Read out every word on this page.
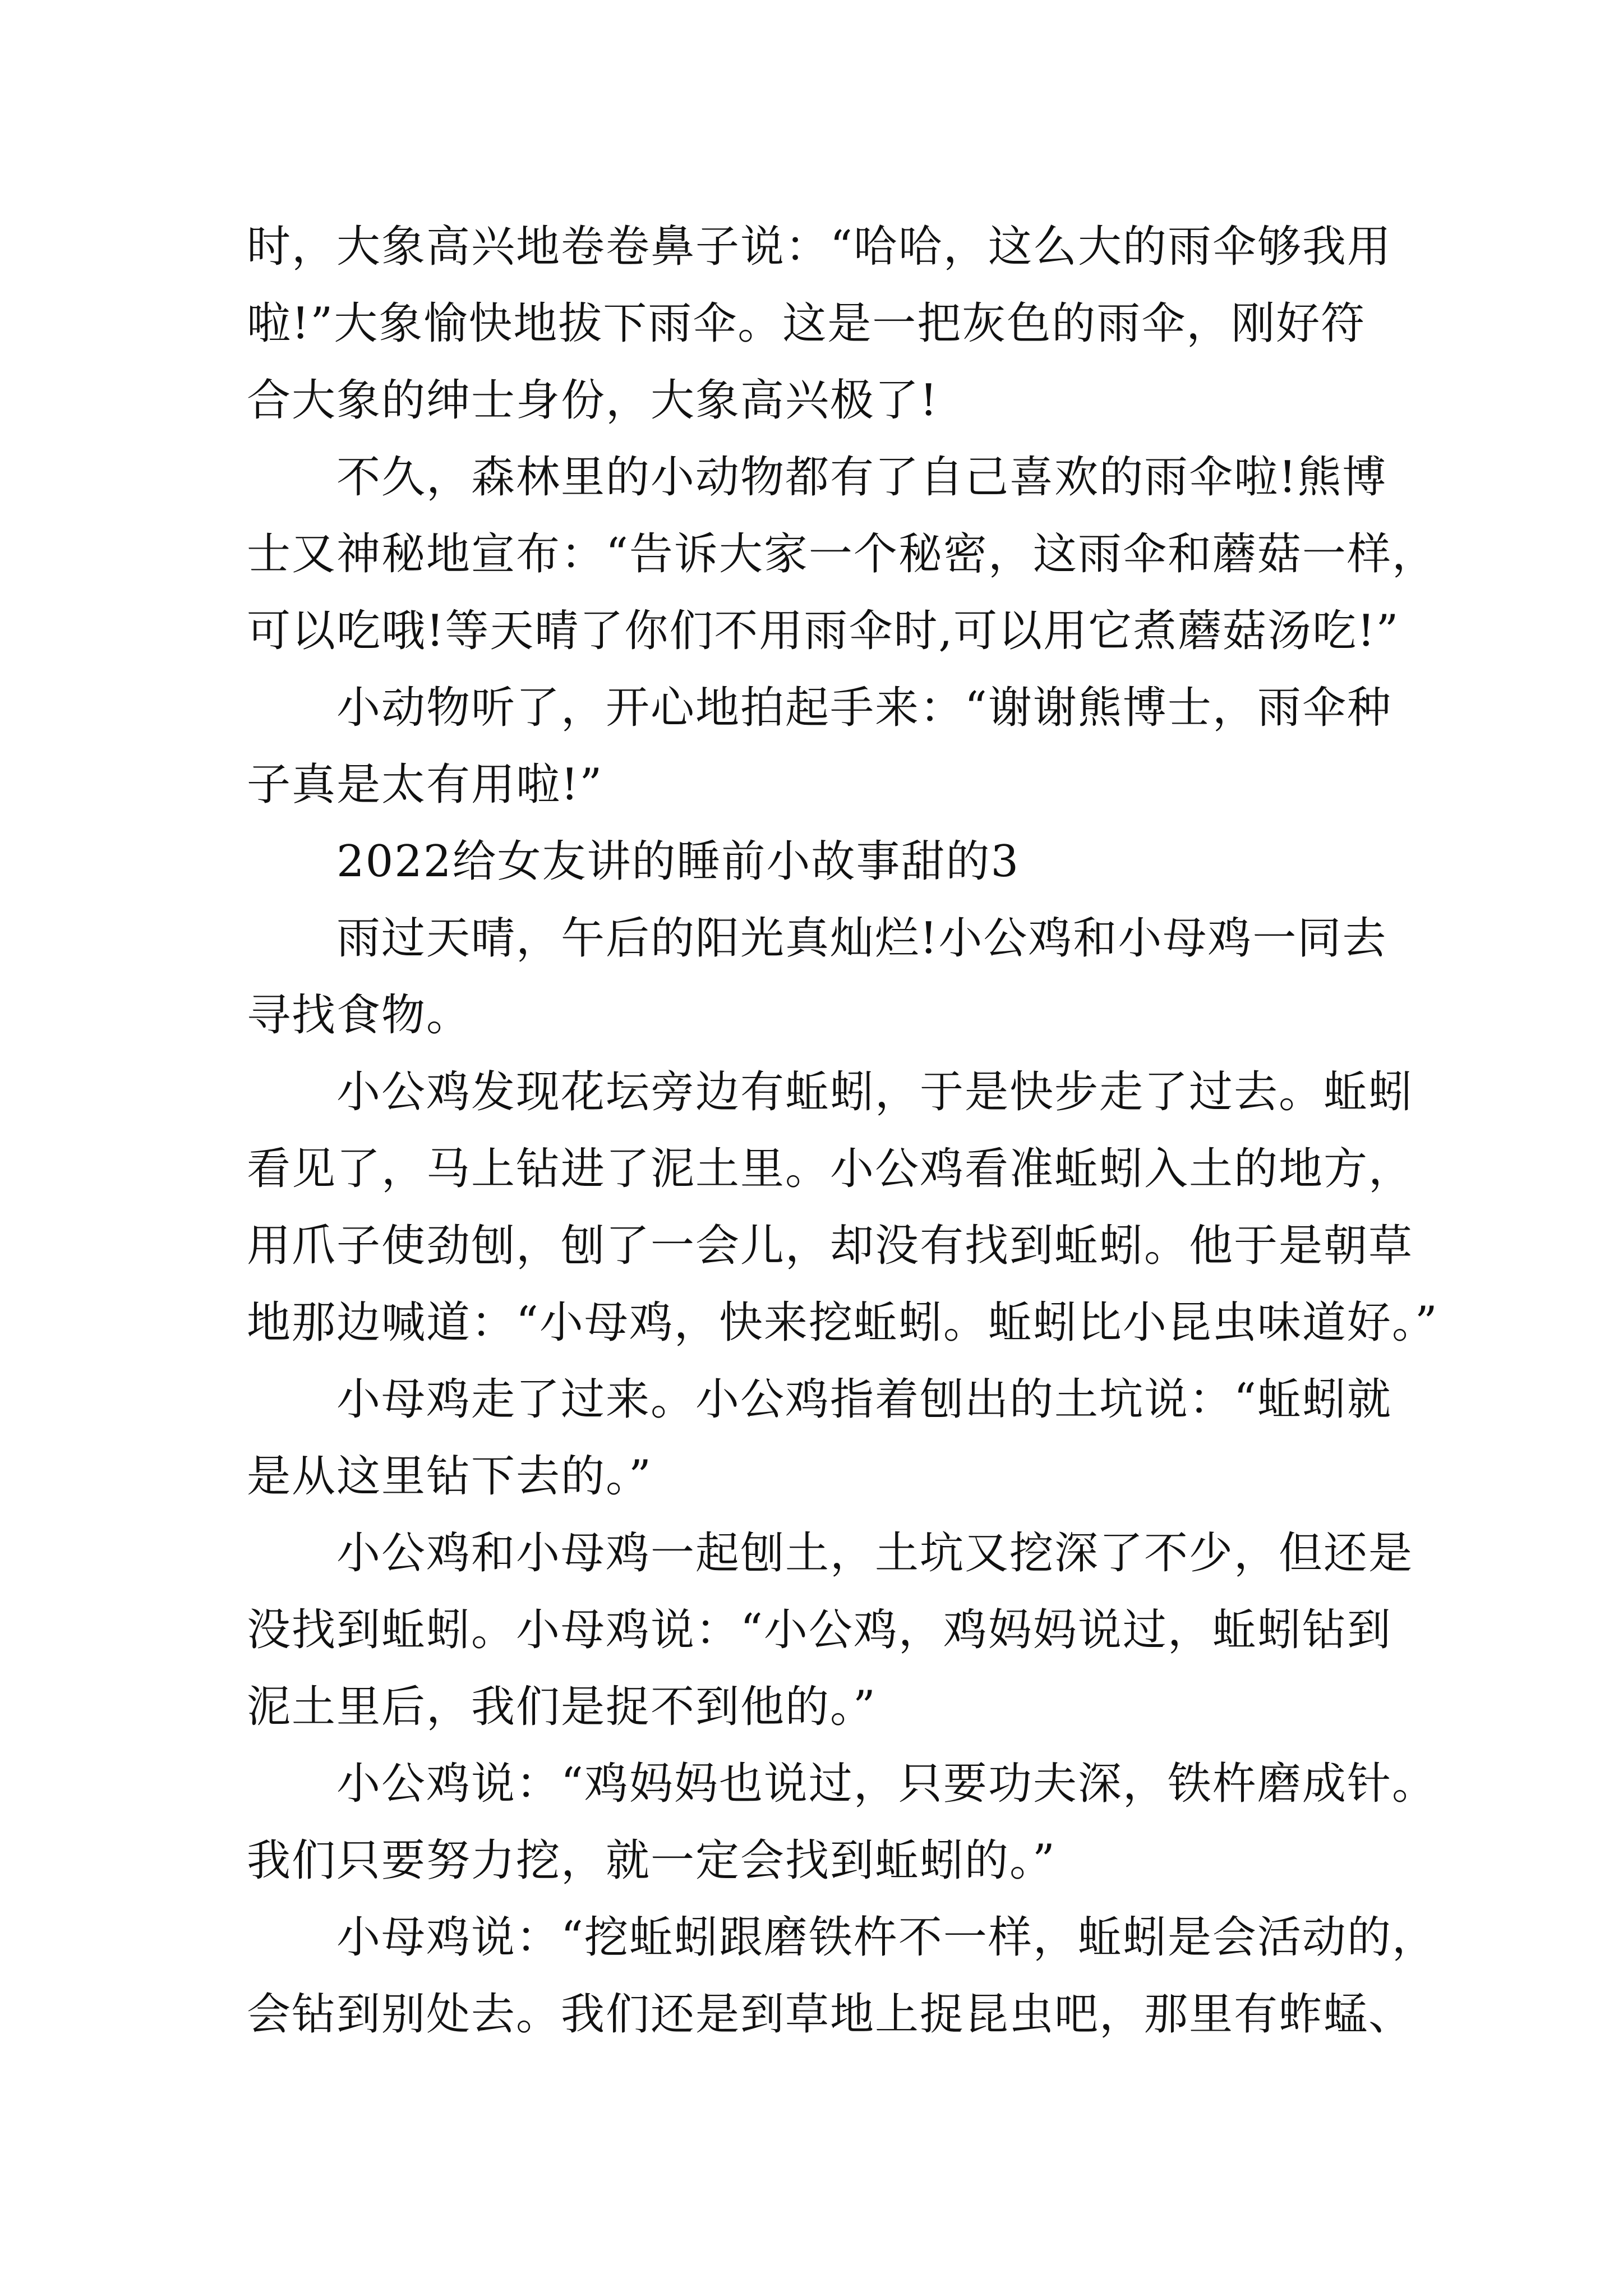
时，大象高兴地卷卷鼻子说：“哈哈，这么大的雨伞够我用
啦!”大象愉快地拔下雨伞。这是一把灰色的雨伞，刚好符
合大象的绅士身份，大象高兴极了!
不久，森林里的小动物都有了自己喜欢的雨伞啦!熊博
士又神秘地宣布：“告诉大家一个秘密，这雨伞和蘑菇一样，
可以吃哦!等天晴了你们不用雨伞时,可以用它煮蘑菇汤吃!”
小动物听了，开心地拍起手来：“谢谢熊博士，雨伞种
子真是太有用啦!”
2022给女友讲的睡前小故事甜的3
雨过天晴，午后的阳光真灿烂!小公鸡和小母鸡一同去
寻找食物。
小公鸡发现花坛旁边有蚯蚓，于是快步走了过去。蚯蚓
看见了，马上钻进了泥土里。小公鸡看准蚯蚓入土的地方，
用爪子使劲刨，刨了一会儿，却没有找到蚯蚓。他于是朝草
地那边喊道：“小母鸡，快来挖蚯蚓。蚯蚓比小昆虫味道好。”
小母鸡走了过来。小公鸡指着刨出的土坑说：“蚯蚓就
是从这里钻下去的。”
小公鸡和小母鸡一起刨土，土坑又挖深了不少，但还是
没找到蚯蚓。小母鸡说：“小公鸡，鸡妈妈说过，蚯蚓钻到
泥土里后，我们是捉不到他的。”
小公鸡说：“鸡妈妈也说过，只要功夫深，铁杵磨成针。
我们只要努力挖，就一定会找到蚯蚓的。”
小母鸡说：“挖蚯蚓跟磨铁杵不一样，蚯蚓是会活动的，
会钻到别处去。我们还是到草地上捉昆虫吧，那里有蚱蜢、
